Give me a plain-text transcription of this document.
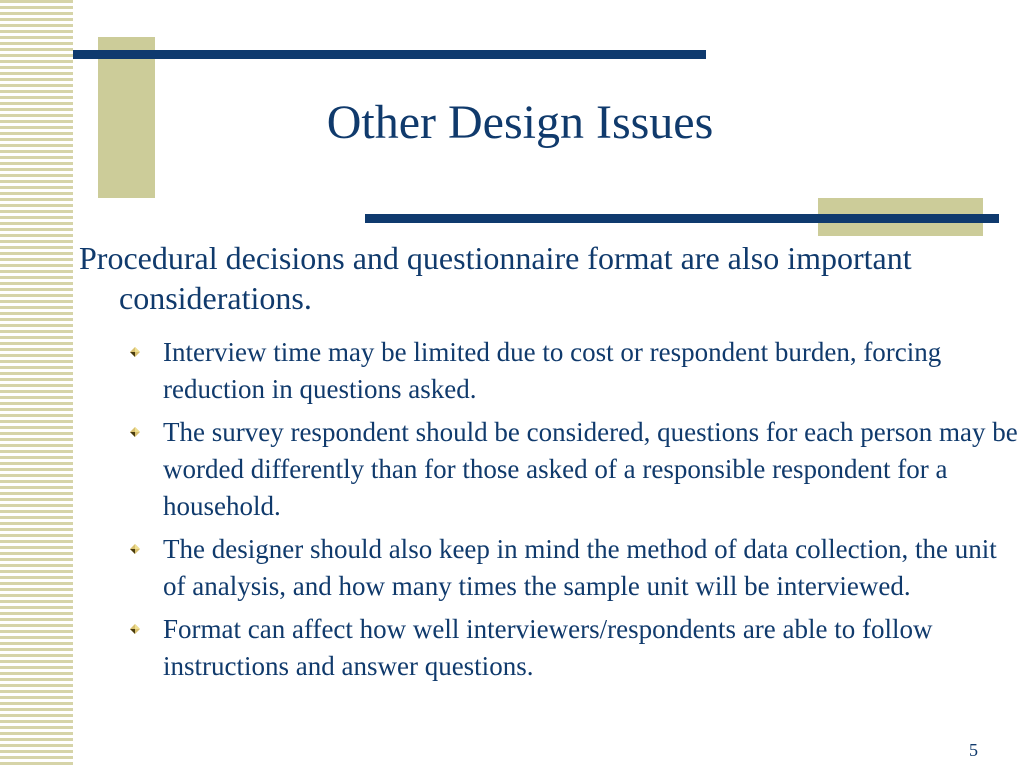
Other Design Issues

Procedural decisions and questionnaire format are also important considerations.

Interview time may be limited due to cost or respondent burden, forcing reduction in questions asked.
The survey respondent should be considered, questions for each person may be worded differently than for those asked of a responsible respondent for a household.
The designer should also keep in mind the method of data collection, the unit of analysis, and how many times the sample unit will be interviewed.
Format can affect how well interviewers/respondents are able to follow instructions and answer questions.
5
